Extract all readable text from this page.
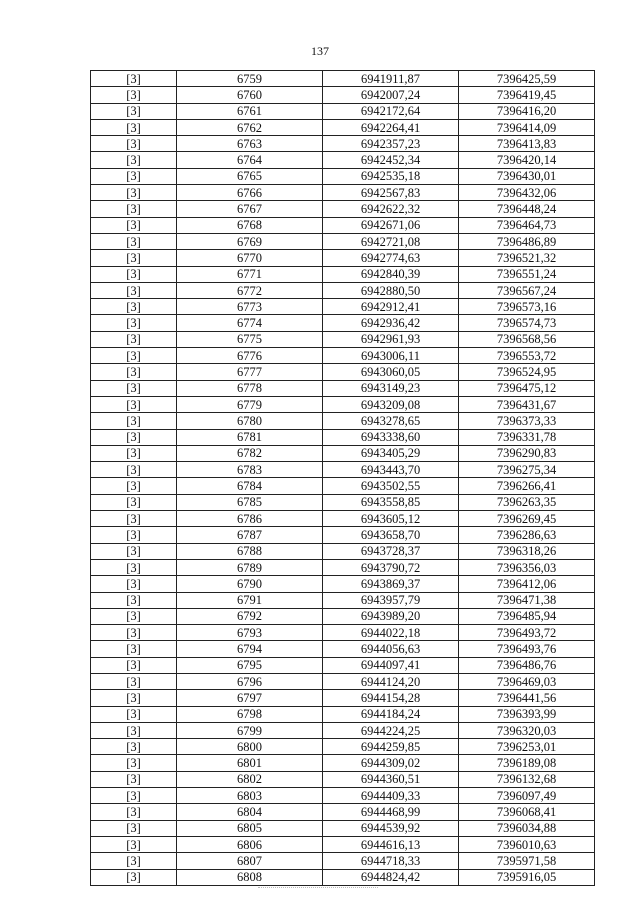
137
[3]	6759	6941911,87	7396425,59
[3]	6760	6942007,24	7396419,45
[3]	6761	6942172,64	7396416,20
[3]	6762	6942264,41	7396414,09
[3]	6763	6942357,23	7396413,83
[3]	6764	6942452,34	7396420,14
[3]	6765	6942535,18	7396430,01
[3]	6766	6942567,83	7396432,06
[3]	6767	6942622,32	7396448,24
[3]	6768	6942671,06	7396464,73
[3]	6769	6942721,08	7396486,89
[3]	6770	6942774,63	7396521,32
[3]	6771	6942840,39	7396551,24
[3]	6772	6942880,50	7396567,24
[3]	6773	6942912,41	7396573,16
[3]	6774	6942936,42	7396574,73
[3]	6775	6942961,93	7396568,56
[3]	6776	6943006,11	7396553,72
[3]	6777	6943060,05	7396524,95
[3]	6778	6943149,23	7396475,12
[3]	6779	6943209,08	7396431,67
[3]	6780	6943278,65	7396373,33
[3]	6781	6943338,60	7396331,78
[3]	6782	6943405,29	7396290,83
[3]	6783	6943443,70	7396275,34
[3]	6784	6943502,55	7396266,41
[3]	6785	6943558,85	7396263,35
[3]	6786	6943605,12	7396269,45
[3]	6787	6943658,70	7396286,63
[3]	6788	6943728,37	7396318,26
[3]	6789	6943790,72	7396356,03
[3]	6790	6943869,37	7396412,06
[3]	6791	6943957,79	7396471,38
[3]	6792	6943989,20	7396485,94
[3]	6793	6944022,18	7396493,72
[3]	6794	6944056,63	7396493,76
[3]	6795	6944097,41	7396486,76
[3]	6796	6944124,20	7396469,03
[3]	6797	6944154,28	7396441,56
[3]	6798	6944184,24	7396393,99
[3]	6799	6944224,25	7396320,03
[3]	6800	6944259,85	7396253,01
[3]	6801	6944309,02	7396189,08
[3]	6802	6944360,51	7396132,68
[3]	6803	6944409,33	7396097,49
[3]	6804	6944468,99	7396068,41
[3]	6805	6944539,92	7396034,88
[3]	6806	6944616,13	7396010,63
[3]	6807	6944718,33	7395971,58
[3]	6808	6944824,42	7395916,05
